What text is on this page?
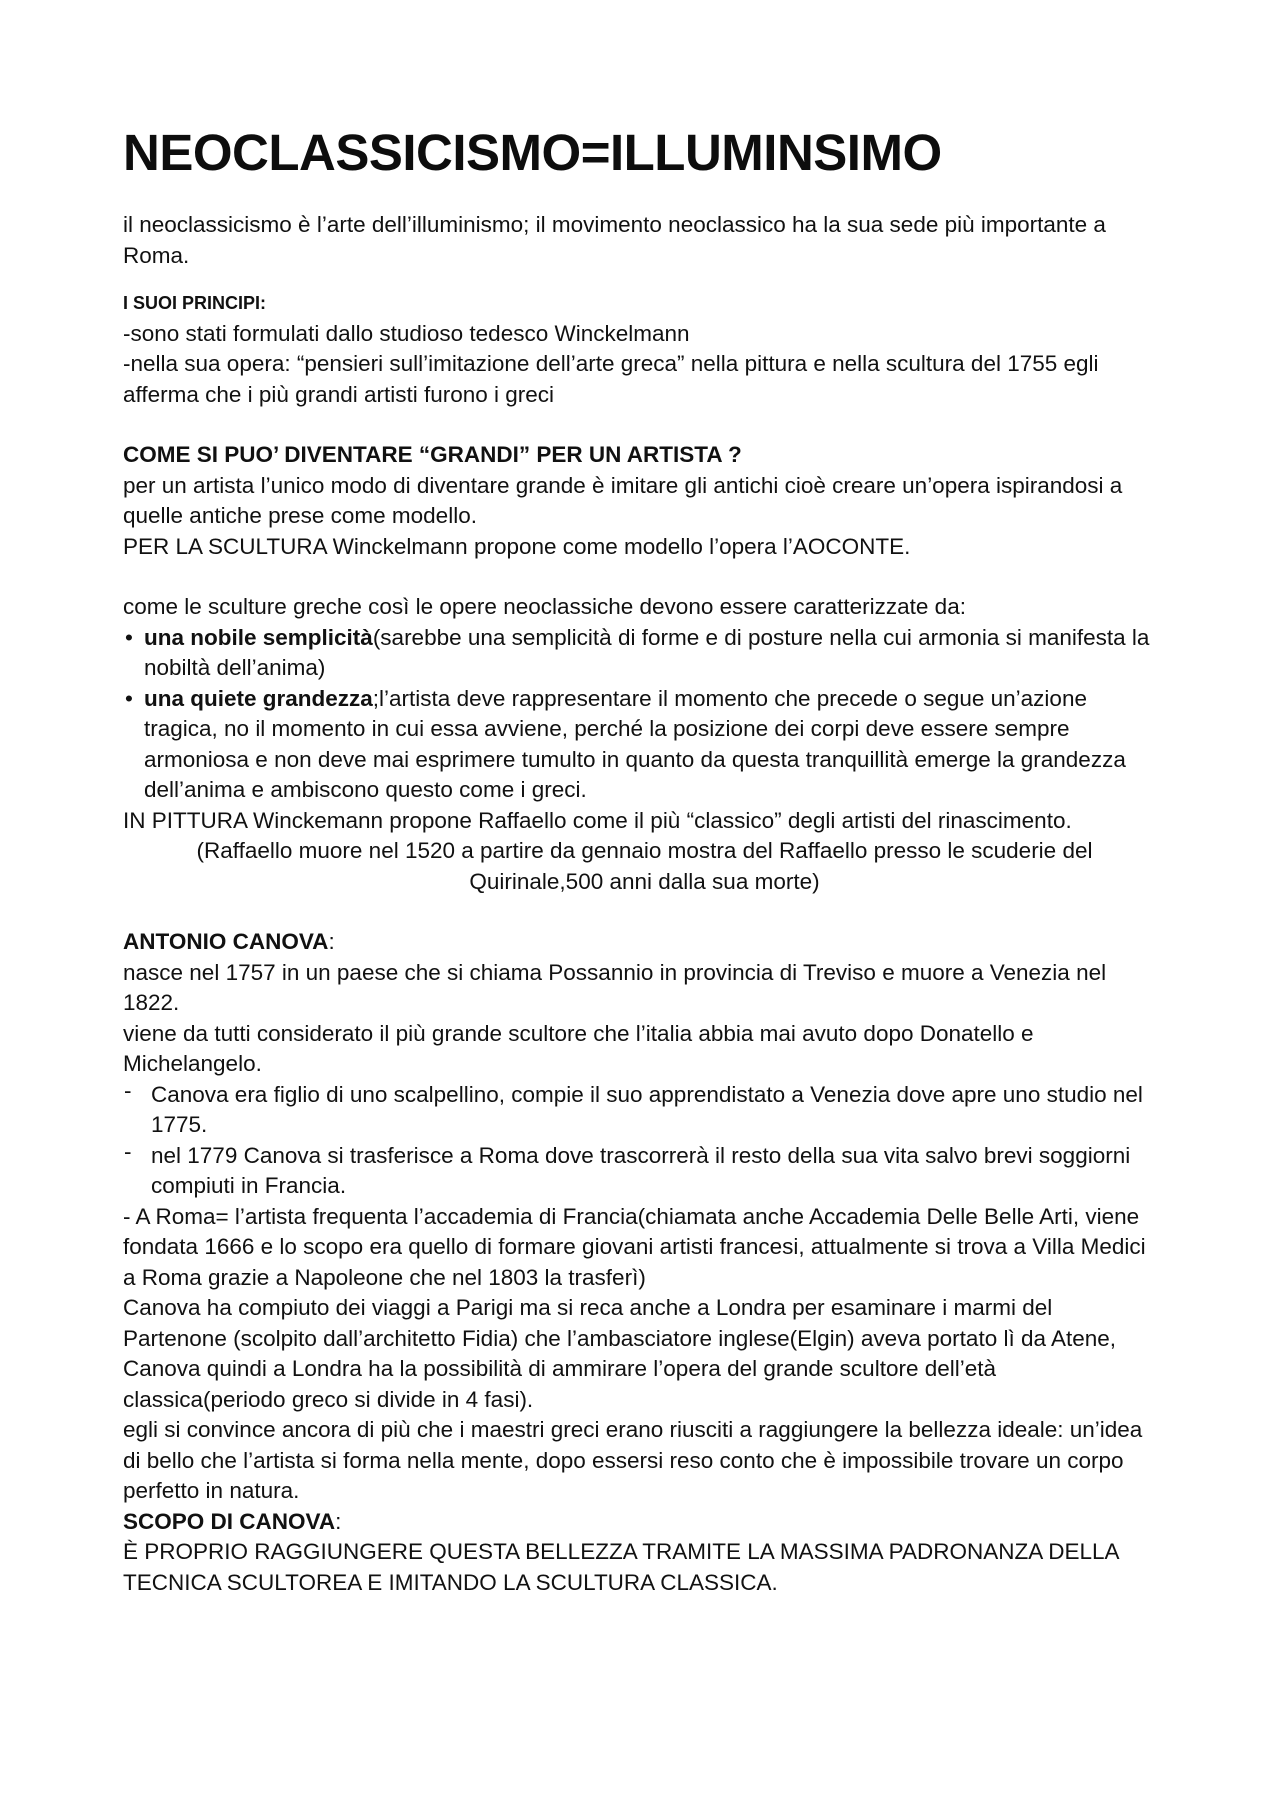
NEOCLASSICISMO=ILLUMINSIMO

il neoclassicismo è l’arte dell’illuminismo; il movimento neoclassico ha la sua sede più importante a Roma.

I SUOI PRINCIPI:

-sono stati formulati dallo studioso tedesco Winckelmann

-nella sua opera: “pensieri sull’imitazione dell’arte greca” nella pittura e nella scultura del 1755 egli afferma che i più grandi artisti furono i greci

COME SI PUO’ DIVENTARE “GRANDI” PER UN ARTISTA ?

per un artista l’unico modo di diventare grande è imitare gli antichi cioè creare un’opera ispirandosi a quelle antiche prese come modello.

PER LA SCULTURA Winckelmann propone come modello l’opera l’AOCONTE.

come le sculture greche così le opere neoclassiche devono essere caratterizzate da:

• una nobile semplicità(sarebbe una semplicità di forme e di posture nella cui armonia si manifesta la nobiltà dell’anima)
• una quiete grandezza;l’artista deve rappresentare il momento che precede o segue un’azione tragica, no il momento in cui essa avviene, perché la posizione dei corpi deve essere sempre armoniosa e non deve mai esprimere tumulto in quanto da questa tranquillità emerge la grandezza dell’anima e ambiscono questo come i greci.

IN PITTURA Winckemann propone Raffaello come il più “classico” degli artisti del rinascimento.

(Raffaello muore nel 1520 a partire da gennaio mostra del Raffaello presso le scuderie del Quirinale,500 anni dalla sua morte)

ANTONIO CANOVA:

nasce nel 1757 in un paese che si chiama Possannio in provincia di Treviso e muore a Venezia nel 1822.

viene da tutti considerato il più grande scultore che l’italia abbia mai avuto dopo Donatello e Michelangelo.

- Canova era figlio di uno scalpellino, compie il suo apprendistato a Venezia dove apre uno studio nel 1775.
- nel 1779 Canova si trasferisce a Roma dove trascorrerà il resto della sua vita salvo brevi soggiorni compiuti in Francia.

- A Roma= l’artista frequenta l’accademia di Francia(chiamata anche Accademia Delle Belle Arti, viene fondata 1666 e lo scopo era quello di formare giovani artisti francesi, attualmente si trova a Villa Medici a Roma grazie a Napoleone che nel 1803 la trasferì)

Canova ha compiuto dei viaggi a Parigi ma si reca anche a Londra per esaminare i marmi del Partenone (scolpito dall’architetto Fidia) che l’ambasciatore inglese(Elgin) aveva portato lì da Atene, Canova quindi a Londra ha la possibilità di ammirare l’opera del grande scultore dell’età classica(periodo greco si divide in 4 fasi).

egli si convince ancora di più che i maestri greci erano riusciti a raggiungere la bellezza ideale: un’idea di bello che l’artista si forma nella mente, dopo essersi reso conto che è impossibile trovare un corpo perfetto in natura.

SCOPO DI CANOVA:

È PROPRIO RAGGIUNGERE QUESTA BELLEZZA TRAMITE LA MASSIMA PADRONANZA DELLA TECNICA SCULTOREA E IMITANDO LA SCULTURA CLASSICA.
